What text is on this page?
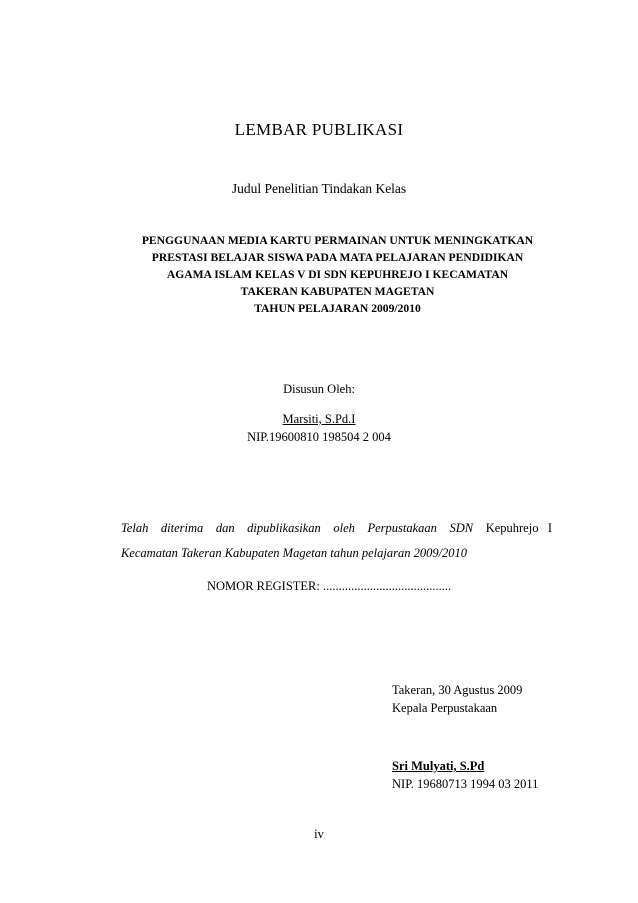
LEMBAR PUBLIKASI
Judul Penelitian Tindakan Kelas
PENGGUNAAN MEDIA KARTU PERMAINAN UNTUK MENINGKATKAN
PRESTASI BELAJAR SISWA PADA MATA PELAJARAN PENDIDIKAN
AGAMA ISLAM KELAS V DI SDN KEPUHREJO I KECAMATAN
TAKERAN KABUPATEN MAGETAN
TAHUN PELAJARAN 2009/2010
Disusun Oleh:
Marsiti, S.Pd.I
NIP.19600810 198504 2 004
Telah diterima dan dipublikasikan oleh Perpustakaan SDN Kepuhrejo   I
Kecamatan Takeran Kabupaten Magetan tahun pelajaran 2009/2010
NOMOR REGISTER: .........................................
Takeran, 30 Agustus 2009
Kepala Perpustakaan
Sri Mulyati, S.Pd
NIP. 19680713 1994 03 2011
iv
